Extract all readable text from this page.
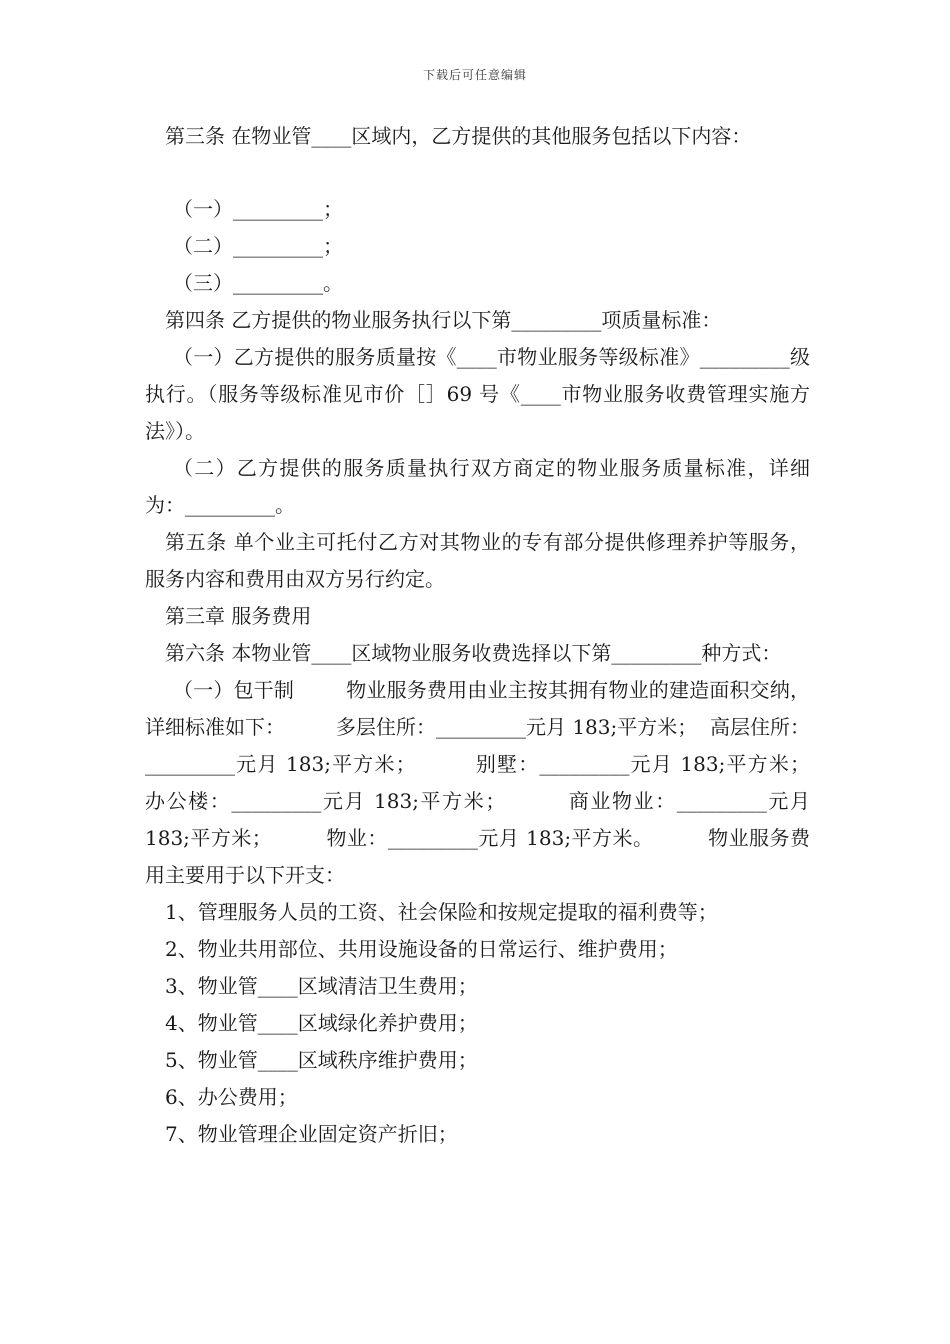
下载后可任意编辑

第三条 在物业管____区域内，乙方提供的其他服务包括以下内容：

（一）_________；

（二）_________；

（三）_________。

第四条 乙方提供的物业服务执行以下第_________项质量标准：

（一）乙方提供的服务质量按《____市物业服务等级标准》_________级执行。（服务等级标准见市价［］69 号《____市物业服务收费管理实施方法》）。

（二）乙方提供的服务质量执行双方商定的物业服务质量标准，详细为：_________。

第五条 单个业主可托付乙方对其物业的专有部分提供修理养护等服务，服务内容和费用由双方另行约定。

第三章 服务费用

第六条 本物业管____区域物业服务收费选择以下第_________种方式：

（一）包干制        物业服务费用由业主按其拥有物业的建造面积交纳，详细标准如下：        多层住所：_________元月 183;平方米；  高层住所：_________元月 183;平方米；        别墅：_________元月 183;平方米；        办公楼：_________元月 183;平方米；        商业物业：_________元月 183;平方米；        物业：_________元月 183;平方米。        物业服务费用主要用于以下开支：

1、管理服务人员的工资、社会保险和按规定提取的福利费等；

2、物业共用部位、共用设施设备的日常运行、维护费用；

3、物业管____区域清洁卫生费用；

4、物业管____区域绿化养护费用；

5、物业管____区域秩序维护费用；

6、办公费用；

7、物业管理企业固定资产折旧；
